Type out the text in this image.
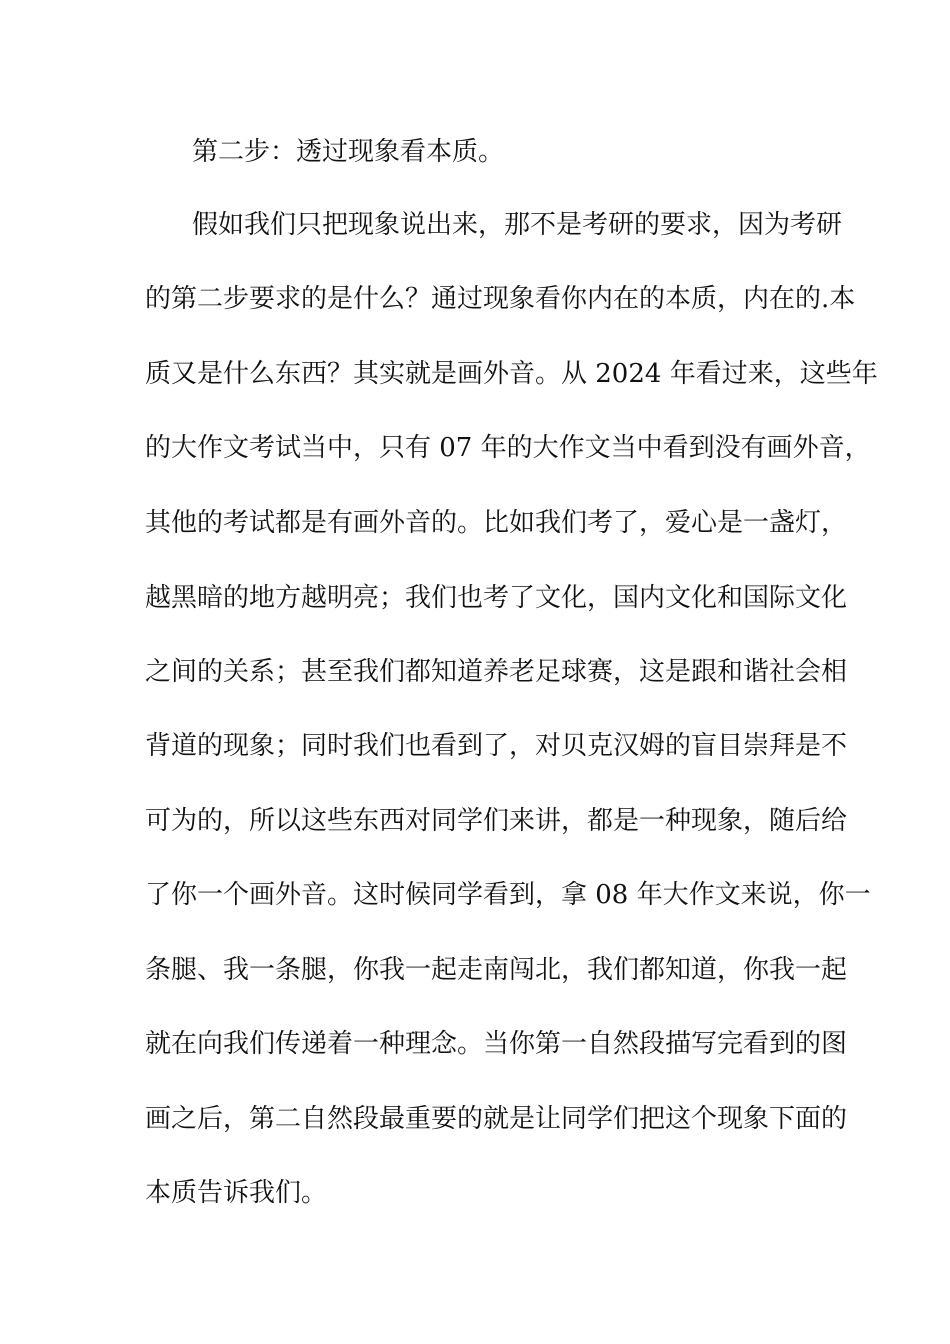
第二步：透过现象看本质。
假如我们只把现象说出来，那不是考研的要求，因为考研
的第二步要求的是什么？通过现象看你内在的本质，内在的.本
质又是什么东西？其实就是画外音。从 2024 年看过来，这些年
的大作文考试当中，只有 07 年的大作文当中看到没有画外音，
其他的考试都是有画外音的。比如我们考了，爱心是一盏灯，
越黑暗的地方越明亮；我们也考了文化，国内文化和国际文化
之间的关系；甚至我们都知道养老足球赛，这是跟和谐社会相
背道的现象；同时我们也看到了，对贝克汉姆的盲目崇拜是不
可为的，所以这些东西对同学们来讲，都是一种现象，随后给
了你一个画外音。这时候同学看到，拿 08 年大作文来说，你一
条腿、我一条腿，你我一起走南闯北，我们都知道，你我一起
就在向我们传递着一种理念。当你第一自然段描写完看到的图
画之后，第二自然段最重要的就是让同学们把这个现象下面的
本质告诉我们。
